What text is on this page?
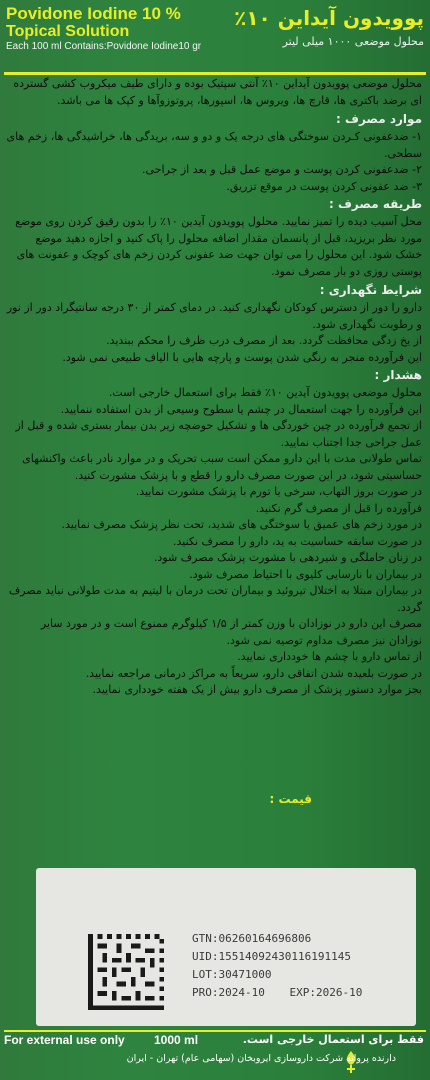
Povidone Iodine 10 %
Topical Solution
Each 100 ml Contains:Povidone Iodine10 gr
پوویدون آیداین ۱۰٪
محلول موضعی ۱۰۰۰ میلی لیتر

محلول موضعی پوویدون آیداین ۱۰٪ آنتی سپتیک بوده و دارای طیف میکروب کشی گسترده ای برضد باکتری ها، قارچ ها، ویروس ها، اسپورها، پروتوزوآها و کپک ها می باشد.

موارد مصرف :
۱- ضدعفونی کـردن سوختگی های درجه یک و دو و سه، بریدگی ها، خراشیدگی ها، زخم های سطحی.
۲- ضدعفونی کردن پوست و موضع عمل قبل و بعد از جراحی.
۳- ضد عفونی کردن پوست در موقع تزریق.
طریقه مصرف :

محل آسیب دیده را تمیز نمایید. محلول پوویدون آیدین ۱۰٪ را بدون رقیق کردن روی موضع مورد نظر بریزید، قبل از پانسمان مقدار اضافه محلول را پاک کنید و اجازه دهید موضع خشک شود. این محلول را می توان جهت ضد عفونی کردن زخم های کوچک و عفونت های پوستی روزی دو بار مصرف نمود.

شرایط نگهداری :
دارو را دور از دسترس کودکان نگهداری کنید. در دمای کمتر از ۳۰ درجه سانتیگراد دور از نور و رطوبت نگهداری شود.
از یخ زدگی محافظت گردد. بعد از مصرف درب ظرف را محکم ببندید.
این فرآورده منجر به رنگی شدن پوست و پارچه هایی با الیاف طبیعی نمی شود.
هشدار :
محلول موضعی پوویدون آیدین ۱۰٪ فقط برای استعمال خارجی است.
این فرآورده را جهت استعمال در چشم یا سطوح وسیعی از بدن استفاده ننمایید.
از تجمع فرآورده در چین خوردگی ها و تشکیل حوضچه زیر بدن بیمار بستری شده و قبل از عمل جراحی جدا اجتناب نمایید.
تماس طولانی مدت با این دارو ممکن است سبب تحریک و در موارد نادر باعث واکنشهای حساسیتی شود، در این صورت مصرف دارو را قطع و با پزشک مشورت کنید.
در صورت بروز التهاب، سرخی یا تورم با پزشک مشورت نمایید.
فرآورده را قبل از مصرف گرم نکنید.
در مورد زخم های عمیق یا سوختگی های شدید، تحت نظر پزشک مصرف نمایید.
در صورت سابقه حساسیت به ید، دارو را مصرف نکنید.
در زنان حاملگی و شیردهی با مشورت پزشک مصرف شود.
در بیماران با نارسایی کلیوی با احتیاط مصرف شود.
در بیماران مبتلا به اختلال تیروئید و بیماران تحت درمان با لیتیم به مدت طولانی نباید مصرف گردد.
مصرف این دارو در نوزادان با وزن کمتر از ۱/۵ کیلوگرم ممنوع است و در مورد سایر نوزادان نیز مصرف مداوم توصیه نمی شود.
از تماس دارو با چشم ها خودداری نمایید.
در صورت بلعیده شدن اتفاقی دارو، سریعاً به مراکز درمانی مراجعه نمایید.
بجز موارد دستور پزشک از مصرف دارو بیش از یک هفته خودداری نمایید.
قیمت :
GTN:06260164696806
UID:15514092430116191145
LOT:30471000
PRO:2024-10 EXP:2026-10
For external use only 1000 ml	فقط برای استعمال خارجی است.
دارنده پروانه شرکت داروسازی ایروبخان (سهامی عام) تهران - ایران
